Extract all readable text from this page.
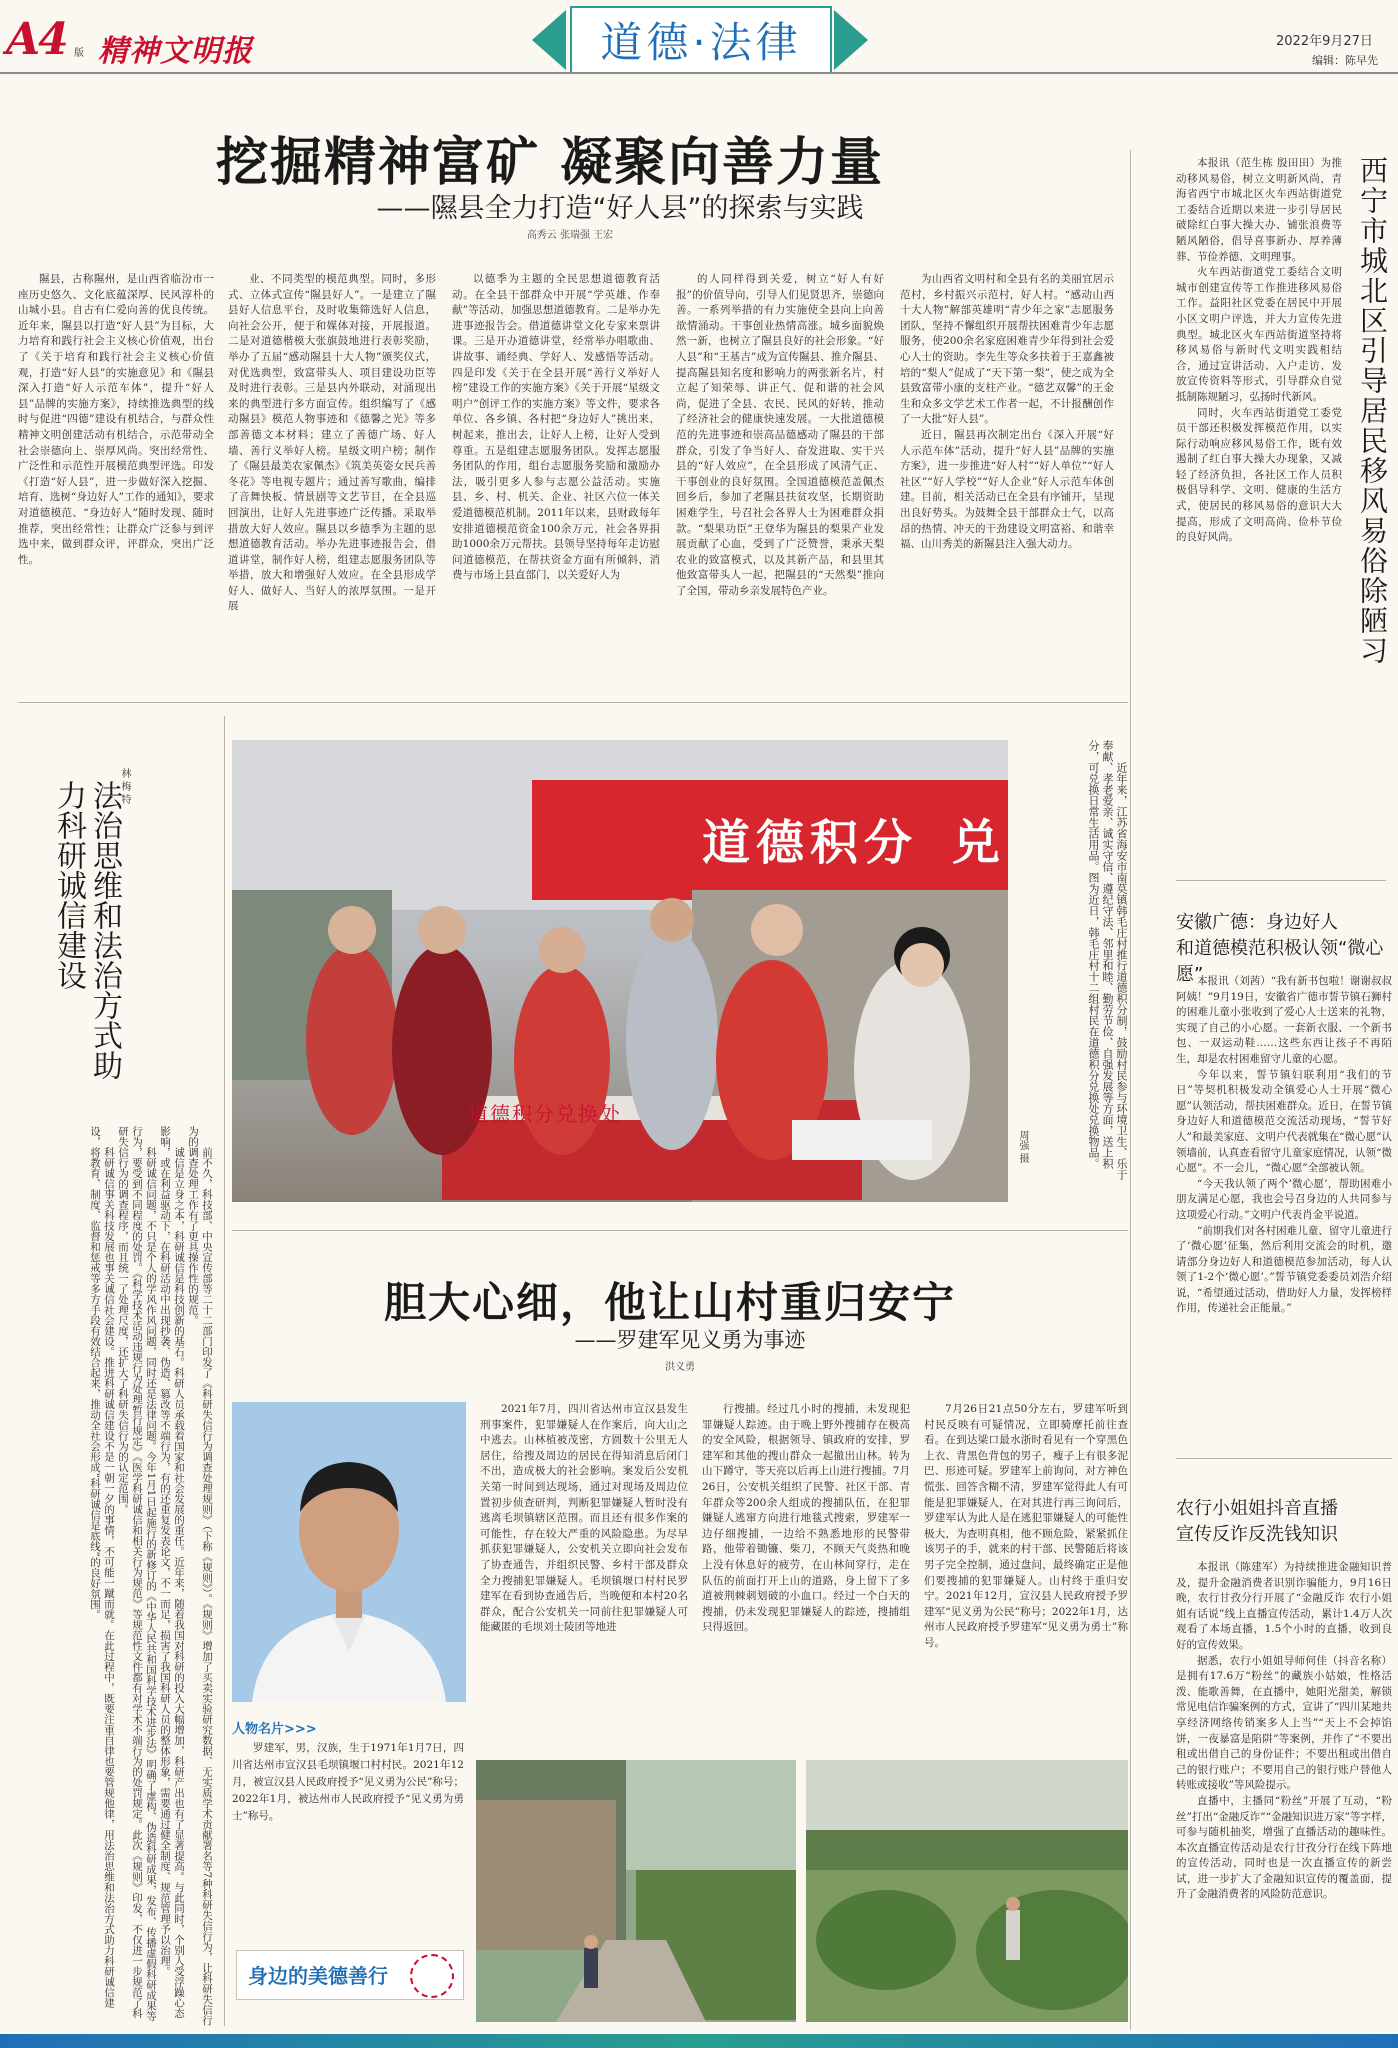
A4 版 精神文明报	道德·法律	2022年9月27日
编辑：陈早先
挖掘精神富矿 凝聚向善力量
——隰县全力打造“好人县”的探索与实践
高秀云 张瑞强 王宏

隰县，古称隰州，是山西省临汾市一座历史悠久、文化底蕴深厚、民风淳朴的山城小县。自古有仁爱向善的优良传统。近年来，隰县以打造“好人县”为目标，大力培育和践行社会主义核心价值观，出台了《关于培育和践行社会主义核心价值观，打造“好人县”的实施意见》和《隰县深入打造“好人示范车体”，提升“好人县”品牌的实施方案》，持续推选典型的线时与促进“四德”建设有机结合，与群众性精神文明创建活动有机结合，示范带动全社会崇德向上、崇厚风尚。突出经常性、广泛性和示范性开展模范典型评选。印发《打造“好人县”，进一步做好深入挖掘、培育、选树“身边好人”工作的通知》，要求对道德模范、“身边好人”随时发现、随时推荐，突出经常性；让群众广泛参与到评选中来，做到群众评，评群众，突出广泛性。

业、不同类型的模范典型。同时，多形式、立体式宣传“隰县好人”。一是建立了隰县好人信息平台，及时收集筛选好人信息，向社会公开，便于和媒体对接，开展报道。二是对道德楷模大张旗鼓地进行表彰奖励，举办了五届“感动隰县十大人物”颁奖仪式，对优选典型，致富带头人、项目建设功臣等及时进行表彰。三是县内外联动，对涌现出来的典型进行多方面宣传。组织编写了《感动隰县》模范人物事迹和《德馨之光》等多部善德文本材料；建立了善德广场、好人墙、善行义举好人榜。星级文明户榜；制作了《隰县最美农家佩杰》《筑美英姿女民兵善冬花》等电视专题片；通过善写歌曲，编排了音舞快板、情景剧等文艺节目，在全县巡回演出，让好人先进事迹广泛传播。采取举措放大好人效应。隰县以乡德季为主题的思想道德教育活动。举办先进事迹报告会，借道讲堂，制作好人榜，组建志愿服务团队等举措，放大和增强好人效应。在全县形成学好人、做好人、当好人的浓厚氛围。一是开展

以德季为主题的全民思想道德教育活动。在全县干部群众中开展“学英雄、作奉献”等活动，加强思想道德教育。二是举办先进事迹报告会。借道德讲堂文化专家来票讲课。三是开办道德讲堂，经常举办唱歌曲、讲故事、诵经典、学好人、发感悟等活动。四是印发《关于在全县开展“善行义举好人榜”建设工作的实施方案》《关于开展“星级文明户”创评工作的实施方案》等文件，要求各单位、各乡镇、各村把“身边好人”挑出来，树起来，推出去，让好人上榜，让好人受到尊重。五是组建志愿服务团队。发挥志愿服务团队的作用，组台志愿服务奖励和激励办法，吸引更多人参与志愿公益活动。实施县、乡、村、机关、企业、社区六位一体关爱道德模范机制。2011年以来，县财政每年安排道德模范资金100余万元，社会各界捐助1000余万元帮扶。县领导坚持每年走访慰问道德模范，在帮扶资金方面有所倾斜，消费与市场上县直部门，以关爱好人为

的人同样得到关爱，树立“好人有好报”的价值导向，引导人们见贤思齐，崇德向善。一系列举措的有力实施使全县向上向善欲情涌动。干事创业热情高涨。城乡面貌焕然一新，也树立了隰县良好的社会形象。“好人县”和“王基吉”成为宣传隰县、推介隰县、提高隰县知名度和影响力的两张新名片，村立起了知荣辱、讲正气、促和谐的社会风尚，促进了全县、农民、民风的好转，推动了经济社会的健康快速发展。一大批道德模范的先进事迹和崇高品德感动了隰县的干部群众，引发了争当好人、奋发进取、实干兴县的“好人效应”，在全县形成了风清气正、干事创业的良好氛围。全国道德模范盖佩杰回乡后，参加了老隰县扶贫攻坚，长期资助困难学生，号召社会各界人士为困难群众捐款。“梨果功臣”王登华为隰县的梨果产业发展贡献了心血，受到了广泛赞誉，秉承天梨农业的致富模式，以及其新产品，和县里其他致富带头人一起，把隰县的“天然梨”推向了全国，带动乡亲发展特色产业。

为山西省文明村和全县有名的美丽宜居示范村，乡村振兴示范村，好人村。“感动山西十大人物”解部英雄明“青少年之家”志愿服务团队，坚持不懈组织开展帮扶困难青少年志愿服务，使200余名家庭困难青少年得到社会爱心人士的资助。李先生等众多扶着于王嘉鑫被培的“梨人”促成了“天下第一梨”，使之成为全县致富带小康的支柱产业。“德艺双馨”的王金生和众多文学艺术工作者一起，不计报酬创作了一大批“好人县”。

近日，隰县再次制定出台《深入开展“好人示范车体”活动，提升“好人县”品牌的实施方案》，进一步推进“好人村”“好人单位”“好人社区”“好人学校”“好人企业”好人示范车体创建。目前，相关活动已在全县有序铺开，呈现出良好势头。为鼓舞全县干部群众士气，以高昂的热情、冲天的干劲建设文明富裕、和谐幸福、山川秀美的新隰县注入强大动力。

本报讯（范生栋 殷田田）为推动移风易俗，树立文明新风尚，青海省西宁市城北区火车西站街道党工委结合近期以来进一步引导居民破除红白事大操大办、铺张浪费等陋风陋俗，倡导喜事新办、厚养薄葬、节俭养德、文明理事。

火车西站街道党工委结合文明城市创建宣传等工作推进移风易俗工作。益阳社区党委在居民中开展小区文明户评选，并大力宣传先进典型。城北区火车西站街道坚持将移风易俗与新时代文明实践相结合，通过宣讲活动、入户走访、发放宣传资料等形式，引导群众自觉抵制陈规陋习，弘扬时代新风。

同时，火车西站街道党工委党员干部还积极发挥模范作用，以实际行动响应移风易俗工作，既有效遏制了红白事大操大办现象，又减轻了经济负担，各社区工作人员积极倡导科学、文明、健康的生活方式，使居民的移风易俗的意识大大提高，形成了文明高尚、俭朴节俭的良好风尚。	西宁市城北区引导居民移风易俗除陋习
安徽广德：身边好人
和道德模范积极认领“微心愿”

本报讯（刘茜）“我有新书包啦！谢谢叔叔阿姨！”9月19日，安徽省广德市誓节镇石狮村的困难儿童小张收到了爱心人士送来的礼物，实现了自己的小心愿。一套新衣服、一个新书包、一双运动鞋……这些东西让孩子不再陌生，却是农村困难留守儿童的心愿。

今年以来，誓节镇妇联利用“我们的节日”等契机积极发动全镇爱心人士开展“微心愿”认领活动，帮扶困难群众。近日，在誓节镇身边好人和道德模范交流活动现场，“誓节好人”和最美家庭、文明户代表就集在“微心愿”认领墙前，认真查看留守儿童家庭情况，认领“微心愿”。不一会儿，“微心愿”全部被认领。

“今天我认领了两个‘微心愿’，帮助困难小朋友满足心愿，我也会号召身边的人共同参与这项爱心行动。”文明户代表肖金平说道。

“前期我们对各村困难儿童、留守儿童进行了‘微心愿’征集，然后利用交流会的时机，邀请部分身边好人和道德模范参加活动，每人认领了1-2个‘微心愿’。”誓节镇党委委员刘浩介绍说，“希望通过活动，借助好人力量，发挥榜样作用，传递社会正能量。”

农行小姐姐抖音直播
宣传反诈反洗钱知识

本报讯（陈建军）为持续推进金融知识普及，提升金融消费者识别诈骗能力，9月16日晚，农行甘孜分行开展了“金融反诈 农行小姐姐有话说”线上直播宣传活动，累计1.4万人次观看了本场直播，1.5个小时的直播，收到良好的宣传效果。

据悉，农行小姐姐导师何佳（抖音名称）是拥有17.6万“粉丝”的藏族小姑娘，性格活泼、能歌善舞，在直播中，她阳光甜美，解锁常见电信诈骗案例的方式，宣讲了“四川某地共享经济网络传销案多人上当”“天上不会掉馅饼，一夜暴富是陷阱”等案例，并作了“不要出租或出借自己的身份证件；不要出租或出借自己的银行账户；不要用自己的银行账户替他人转账或接收”等风险提示。

直播中，主播同“粉丝”开展了互动，“粉丝”打出“金融反诈”“金融知识进万家”等字样，可参与随机抽奖，增强了直播活动的趣味性。本次直播宣传活动是农行甘孜分行在线下阵地的宣传活动，同时也是一次直播宣传的新尝试，进一步扩大了金融知识宣传的覆盖面，提升了金融消费者的风险防范意识。

林 梅 特
法治思维和法治方式助力科研诚信建设

前不久，科技部、中央宣传部等二十二部门印发了《科研失信行为调查处理规则》（下称《规则》）。《规则》增加了买卖实验研究数据、无实质学术贡献署名等7种科研失信行为，让科研失信行为的调查处理工作有了更具操作性的规范。

诚信是立身之本，科研诚信是科技创新的基石。科研人员承载着国家和社会发展的重任。近年来，随着我国对科研的投入大幅增加，科研产出也有了显著提高。与此同时，个别人受浮躁心态影响，或在利益驱动下，在科研活动中出现抄袭、伪造、篡改等不端行为，有的还重复发表论文，不一而足，损害了我国科研人员的整体形象，需要通过健全制度、规范管理予以治理。

科研诚信问题，不只是个人的学风作风问题，同时还是法律问题。今年1月1日起施行的新修订的《中华人民共和国科学技术进步法》明确了虚构、伪造科研成果，发布、传播虚假科研成果等行为，要受到不同程度的处罚。《科学技术活动违规行为处理暂行规定》《医学科研诚信和相关行为规范》等规范性文件都有对学术不端行为的处罚规定。此次《规则》印发，不仅进一步规范了科研失信行为的调查程序，而且统一了处理尺度，还扩大了科研失信行为的认定范围。

科研诚信事关科技发展也事关诚信社会建设。推进科研诚信建设不是一朝一夕的事情，不可能一蹴而就。在此过程中，既要注重自律也要管规他律，用法治思维和法治方式助力科研诚信建设，将教育、制度、监督和惩戒等多方手段有效结合起来，推动全社会形成“科研诚信是底线”的良好氛围。

道德积分 兑
道德积分兑换处	近年来，江苏省海安市南莫镇韩毛庄村推行道德积分制，鼓励村民参与环境卫生、乐于奉献、孝老爱亲、诚实守信、遵纪守法、邻里和睦、勤劳节俭、自强发展等方面，送上积分，可兑换日常生活用品。图为近日，韩毛庄村十二组村民在道德积分兑换处兑换物品。

周强 摄
胆大心细，他让山村重归安宁
——罗建军见义勇为事迹
洪义勇

2021年7月，四川省达州市宣汉县发生刑事案件，犯罪嫌疑人在作案后，向大山之中逃去。山林植被茂密，方圆数十公里无人居住，给搜及周边的居民在得知消息后闭门不出，造成极大的社会影响。案发后公安机关第一时间到达现场，通过对现场及周边位置初步侦查研判，判断犯罪嫌疑人暂时没有逃离毛坝镇辖区范围。而且还有很多作案的可能性，存在较大严重的风险隐患。为尽早抓获犯罪嫌疑人，公安机关立即向社会发布了协查通告，并组织民警、乡村干部及群众全力搜捕犯罪嫌疑人。毛坝镇堰口村村民罗建军在看到协查通告后，当晚便和本村20名群众，配合公安机关一同前往犯罪嫌疑人可能藏匿的毛坝刘士陵团等地进

行搜捕。经过几小时的搜捕，未发现犯罪嫌疑人踪迹。由于晚上野外搜捕存在极高的安全风险，根据领导、镇政府的安排，罗建军和其他的搜山群众一起撤出山林。转为山下蹲守，等天亮以后再上山进行搜捕。7月26日，公安机关组织了民警、社区干部、青年群众等200余人组成的搜捕队伍，在犯罪嫌疑人逃窜方向进行地毯式搜索，罗建军一边仔细搜捕，一边给不熟悉地形的民警带路，他带着锄镰、柴刀，不顾天气炎热和晚上没有休息好的疲劳，在山林间穿行，走在队伍的前面打开上山的道路，身上留下了多道被荆棘刺划破的小血口。经过一个白天的搜捕，仍未发现犯罪嫌疑人的踪迹，搜捕组只得返回。

7月26日21点50分左右，罗建军听到村民反映有可疑情况，立即骑摩托前往查看。在到达梁口最水浙时看见有一个穿黑色上衣、背黑色背包的男子，瘦子上有很多泥巴、形迹可疑。罗建军上前询问，对方神色慌张、回答含糊不清，罗建军觉得此人有可能是犯罪嫌疑人，在对其进行再三询问后，罗建军认为此人是在逃犯罪嫌疑人的可能性极大，为查明真相，他不顾危险，紧紧抓住该男子的手，就来的村干部、民警随后将该男子完全控制，通过盘问，最终确定正是他们要搜捕的犯罪嫌疑人。山村终于重归安宁。2021年12月，宣汉县人民政府授予罗建军“见义勇为公民”称号；2022年1月，达州市人民政府授予罗建军“见义勇为勇士”称号。

人物名片>>>

罗建军，男，汉族，生于1971年1月7日，四川省达州市宣汉县毛坝镇堰口村村民。2021年12月，被宣汉县人民政府授予“见义勇为公民”称号；2022年1月，被达州市人民政府授予“见义勇为勇士”称号。

身边的美德善行
